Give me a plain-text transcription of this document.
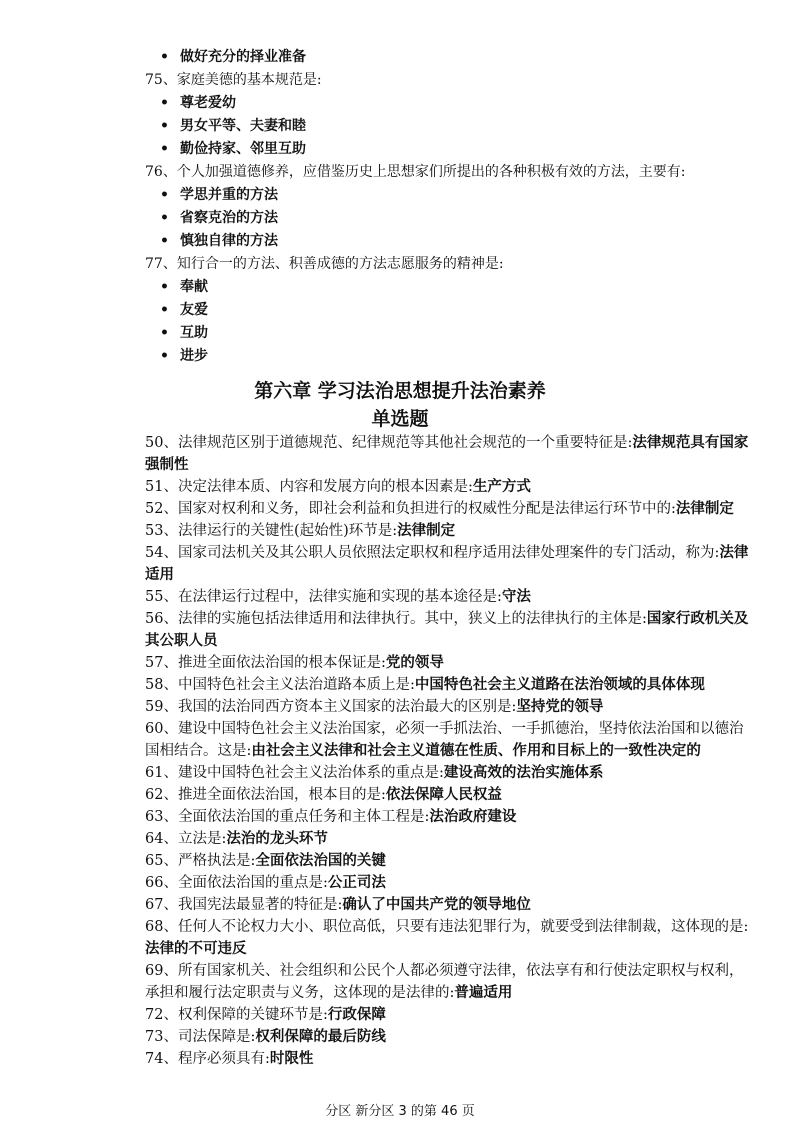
• 做好充分的择业准备
75、家庭美德的基本规范是:
• 尊老爱幼
• 男女平等、夫妻和睦
• 勤俭持家、邻里互助
76、个人加强道德修养，应借鉴历史上思想家们所提出的各种积极有效的方法，主要有:
• 学思并重的方法
• 省察克治的方法
• 慎独自律的方法
77、知行合一的方法、积善成德的方法志愿服务的精神是:
• 奉献
• 友爱
• 互助
• 进步
第六章 学习法治思想提升法治素养
单选题
50、法律规范区别于道德规范、纪律规范等其他社会规范的一个重要特征是:法律规范具有国家强制性
51、决定法律本质、内容和发展方向的根本因素是:生产方式
52、国家对权利和义务，即社会利益和负担进行的权威性分配是法律运行环节中的:法律制定
53、法律运行的关键性(起始性)环节是:法律制定
54、国家司法机关及其公职人员依照法定职权和程序适用法律处理案件的专门活动，称为:法律适用
55、在法律运行过程中，法律实施和实现的基本途径是:守法
56、法律的实施包括法律适用和法律执行。其中，狭义上的法律执行的主体是:国家行政机关及其公职人员
57、推进全面依法治国的根本保证是:党的领导
58、中国特色社会主义法治道路本质上是:中国特色社会主义道路在法治领域的具体体现
59、我国的法治同西方资本主义国家的法治最大的区别是:坚持党的领导
60、建设中国特色社会主义法治国家，必须一手抓法治、一手抓德治，坚持依法治国和以德治国相结合。这是:由社会主义法律和社会主义道德在性质、作用和目标上的一致性决定的
61、建设中国特色社会主义法治体系的重点是:建设高效的法治实施体系
62、推进全面依法治国，根本目的是:依法保障人民权益
63、全面依法治国的重点任务和主体工程是:法治政府建设
64、立法是:法治的龙头环节
65、严格执法是:全面依法治国的关键
66、全面依法治国的重点是:公正司法
67、我国宪法最显著的特征是:确认了中国共产党的领导地位
68、任何人不论权力大小、职位高低，只要有违法犯罪行为，就要受到法律制裁，这体现的是:法律的不可违反
69、所有国家机关、社会组织和公民个人都必须遵守法律，依法享有和行使法定职权与权利，承担和履行法定职责与义务，这体现的是法律的:普遍适用
72、权利保障的关键环节是:行政保障
73、司法保障是:权利保障的最后防线
74、程序必须具有:时限性
分区 新分区 3 的第 46 页
